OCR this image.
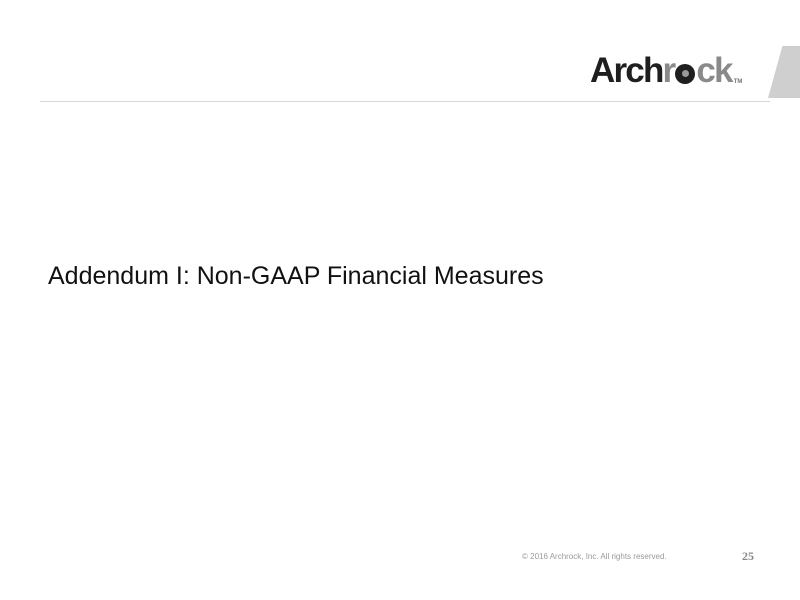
Arch r ck TM
Addendum I: Non-GAAP Financial Measures
© 2016 Archrock, Inc. All rights reserved.	25
